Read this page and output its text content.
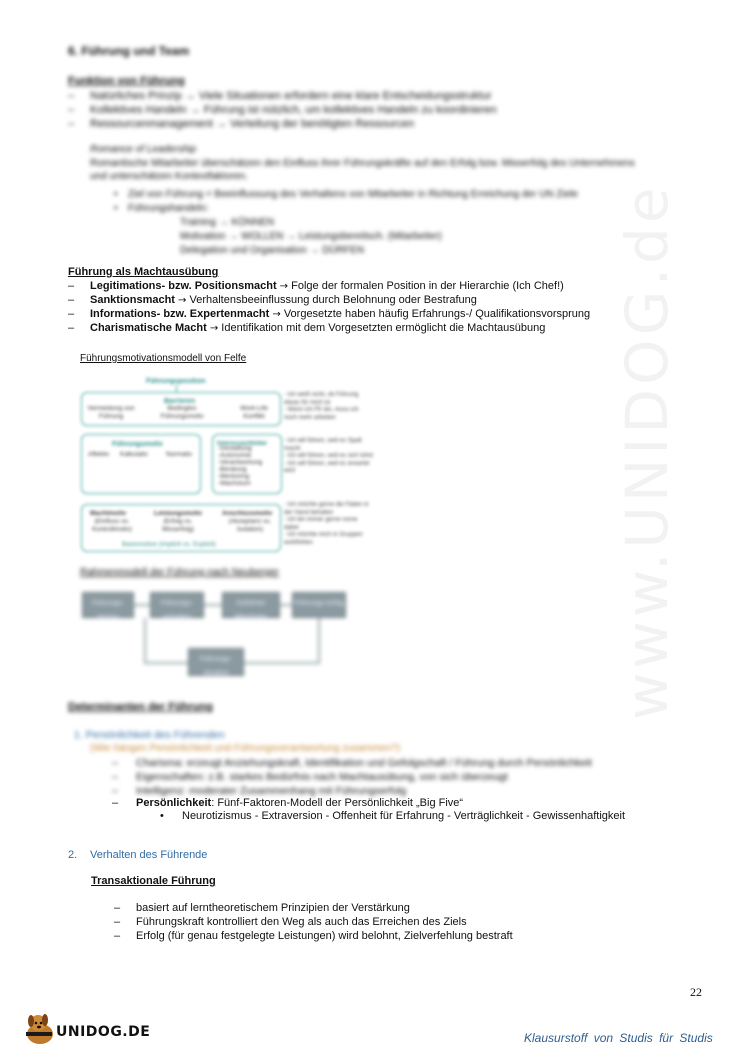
www.UNIDOG.de
6. Führung und Team
Funktion von Führung
– Natürliches Prinzip → Viele Situationen erfordern eine klare Entscheidungsstruktur
– Kollektives Handeln → Führung ist nützlich, um kollektives Handeln zu koordinieren
– Ressourcenmanagement → Verteilung der benötigten Ressourcen
Romance of Leadership
Romantische Mitarbeiter überschätzen den Einfluss ihrer Führungskräfte auf den Erfolg bzw. Misserfolg des Unternehmens und unterschätzen Kontextfaktoren.
• Ziel von Führung = Beeinflussung des Verhaltens von Mitarbeiter in Richtung Erreichung der UN Ziele
• Führungshandeln:
Training → KÖNNEN
Motivation → WOLLEN → Leistungsbereitsch. (Mitarbeiter)
Delegation und Organisation → DÜRFEN
Führung als Machtausübung
– Legitimations- bzw. Positionsmacht → Folge der formalen Position in der Hierarchie (Ich Chef!)
– Sanktionsmacht → Verhaltensbeeinflussung durch Belohnung oder Bestrafung
– Informations- bzw. Expertenmacht → Vorgesetzte haben häufig Erfahrungs-/ Qualifikationsvorsprung
– Charismatische Macht → Identifikation mit dem Vorgesetzten ermöglicht die Machtausübung
Führungsmotivationsmodell von Felfe
Führungsposition
Barrieren
Vermeidung von Führung
Bedingtes Führungsmotiv
Work-Life Konflikt
Führungsmotiv
Affektiv Kalkulativ	Normativ
Interessenfelder
-Gestaltung
-Autonomie
-Verantwortung
-Beratung
-Mentoring
-Wachstum
Machtmotiv
(Einfluss vs. Kontrollmotiv)
Leistungsmotiv
(Erfolg vs. Misserfolg)
Anschlussmotiv
(Akzeptanz vs. Isolation)
Basismotive (Implizit vs. Explizit)
- Ich weiß nicht, ob Führung etwas für mich ist
- Wenn ich FK bin, muss ich noch mehr arbeiten
- Ich will führen, weil es Spaß macht
- Ich will führen, weil es sich lohnt
- Ich will führen, weil es erwartet wird
- Ich möchte gerne die Fäden in der Hand behalten
- Ich bin immer gerne vorne dabei
- Ich möchte mich in Gruppen wohlfühlen
Rahmenmodell der Führung nach Neuberger
Führungs-person
Führungs-verhalten
Geführte/ Mitarbeiter
Führungs-erfolg
Führungs-situation
Determinanten der Führung
1. Persönlichkeit des Führenden
(Wie hängen Persönlichkeit und Führungsverantwortung zusammen?)
– Charisma: erzeugt Anziehungskraft, Identifikation und Gefolgschaft / Führung durch Persönlichkeit
– Eigenschaften: z.B. starkes Bedürfnis nach Machtausübung, von sich überzeugt
– Intelligenz: moderater Zusammenhang mit Führungserfolg
– Persönlichkeit: Fünf-Faktoren-Modell der Persönlichkeit „Big Five“
• Neurotizismus - Extraversion - Offenheit für Erfahrung - Verträglichkeit - Gewissenhaftigkeit
2. Verhalten des Führende
Transaktionale Führung
– basiert auf lerntheoretischem Prinzipien der Verstärkung
– Führungskraft kontrolliert den Weg als auch das Erreichen des Ziels
– Erfolg (für genau festgelegte Leistungen) wird belohnt, Zielverfehlung bestraft
22
UNIDOG.DE	Klausurstoff von Studis für Studis
